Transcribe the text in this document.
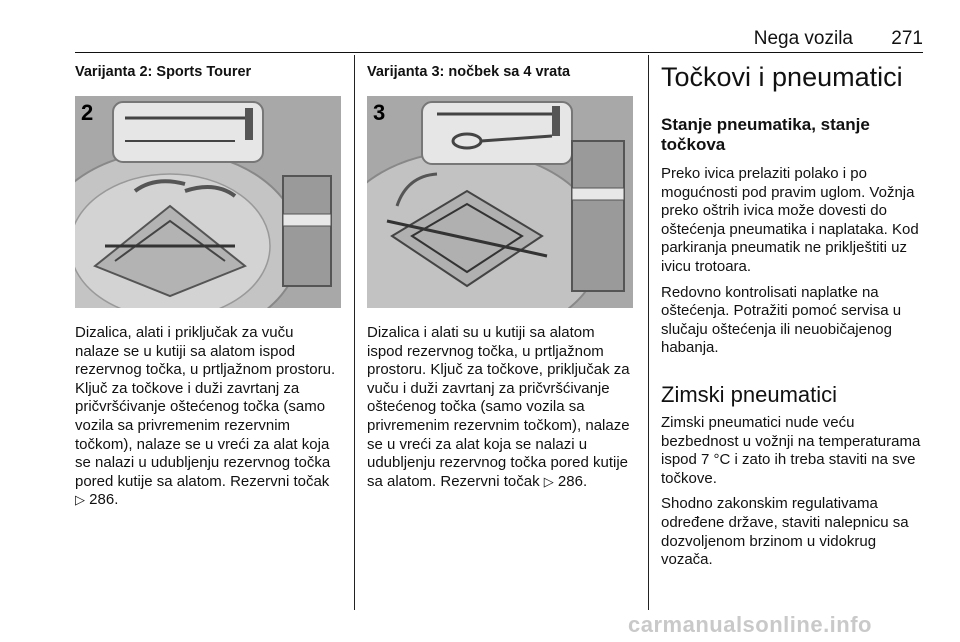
Nega vozila 271
Varijanta 2: Sports Tourer
2

Dizalica, alati i priključak za vuču nalaze se u kutiji sa alatom ispod rezervnog točka, u prtljažnom prostoru. Ključ za točkove i duži zavrtanj za pričvršćivanje oštećenog točka (samo vozila sa privremenim rezervnim točkom), nalaze se u vreći za alat koja se nalazi u udubljenju rezervnog točka pored kutije sa alatom. Rezervni točak ▷ 286.

Varijanta 3: nočbek sa 4 vrata
3

Dizalica i alati su u kutiji sa alatom ispod rezervnog točka, u prtljažnom prostoru. Ključ za točkove, priključak za vuču i duži zavrtanj za pričvršćivanje oštećenog točka (samo vozila sa privremenim rezervnim točkom), nalaze se u vreći za alat koja se nalazi u udubljenju rezervnog točka pored kutije sa alatom. Rezervni točak ▷ 286.

Točkovi i pneumatici
Stanje pneumatika, stanje točkova

Preko ivica prelaziti polako i po mogućnosti pod pravim uglom. Vožnja preko oštrih ivica može dovesti do oštećenja pneumatika i naplataka. Kod parkiranja pneumatik ne priklještiti uz ivicu trotoara.

Redovno kontrolisati naplatke na oštećenja. Potražiti pomoć servisa u slučaju oštećenja ili neuobičajenog habanja.

Zimski pneumatici

Zimski pneumatici nude veću bezbednost u vožnji na temperaturama ispod 7 °C i zato ih treba staviti na sve točkove.

Shodno zakonskim regulativama određene države, staviti nalepnicu sa dozvoljenom brzinom u vidokrug vozača.

carmanualsonline.info
